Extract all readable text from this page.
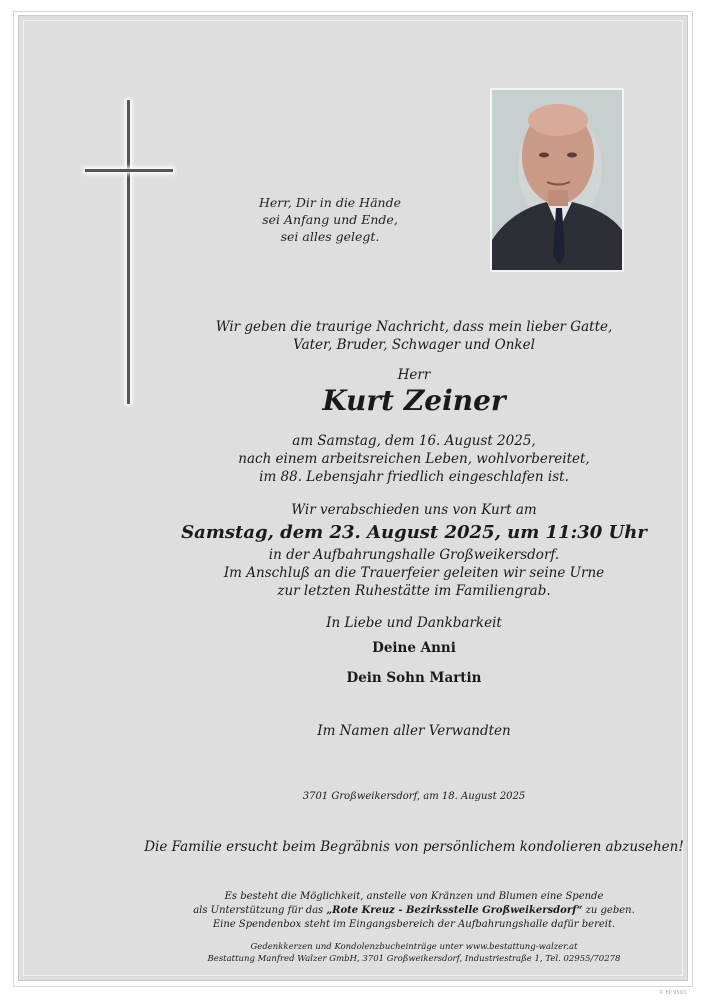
Herr, Dir in die Hände
sei Anfang und Ende,
sei alles gelegt.
Wir geben die traurige Nachricht, dass mein lieber Gatte,
Vater, Bruder, Schwager und Onkel
Herr
Kurt Zeiner
am Samstag, dem 16. August 2025,
nach einem arbeitsreichen Leben, wohlvorbereitet,
im 88. Lebensjahr friedlich eingeschlafen ist.
Wir verabschieden uns von Kurt am
Samstag, dem 23. August 2025, um 11:30 Uhr
in der Aufbahrungshalle Großweikersdorf.
Im Anschluß an die Trauerfeier geleiten wir seine Urne
zur letzten Ruhestätte im Familiengrab.
In Liebe und Dankbarkeit
Deine Anni
Dein Sohn Martin
Im Namen aller Verwandten
3701 Großweikersdorf, am 18. August 2025
Die Familie ersucht beim Begräbnis von persönlichem kondolieren abzusehen!
Es besteht die Möglichkeit, anstelle von Kränzen und Blumen eine Spende
als Unterstützung für das „Rote Kreuz - Bezirksstelle Großweikersdorf“ zu geben.
Eine Spendenbox steht im Eingangsbereich der Aufbahrungshalle dafür bereit.
Gedenkkerzen und Kondolenzbucheinträge unter www.bestattung-walzer.at
Bestattung Manfred Walzer GmbH, 3701 Großweikersdorf, Industriestraße 1, Tel. 02955/70278
© EP 9593
